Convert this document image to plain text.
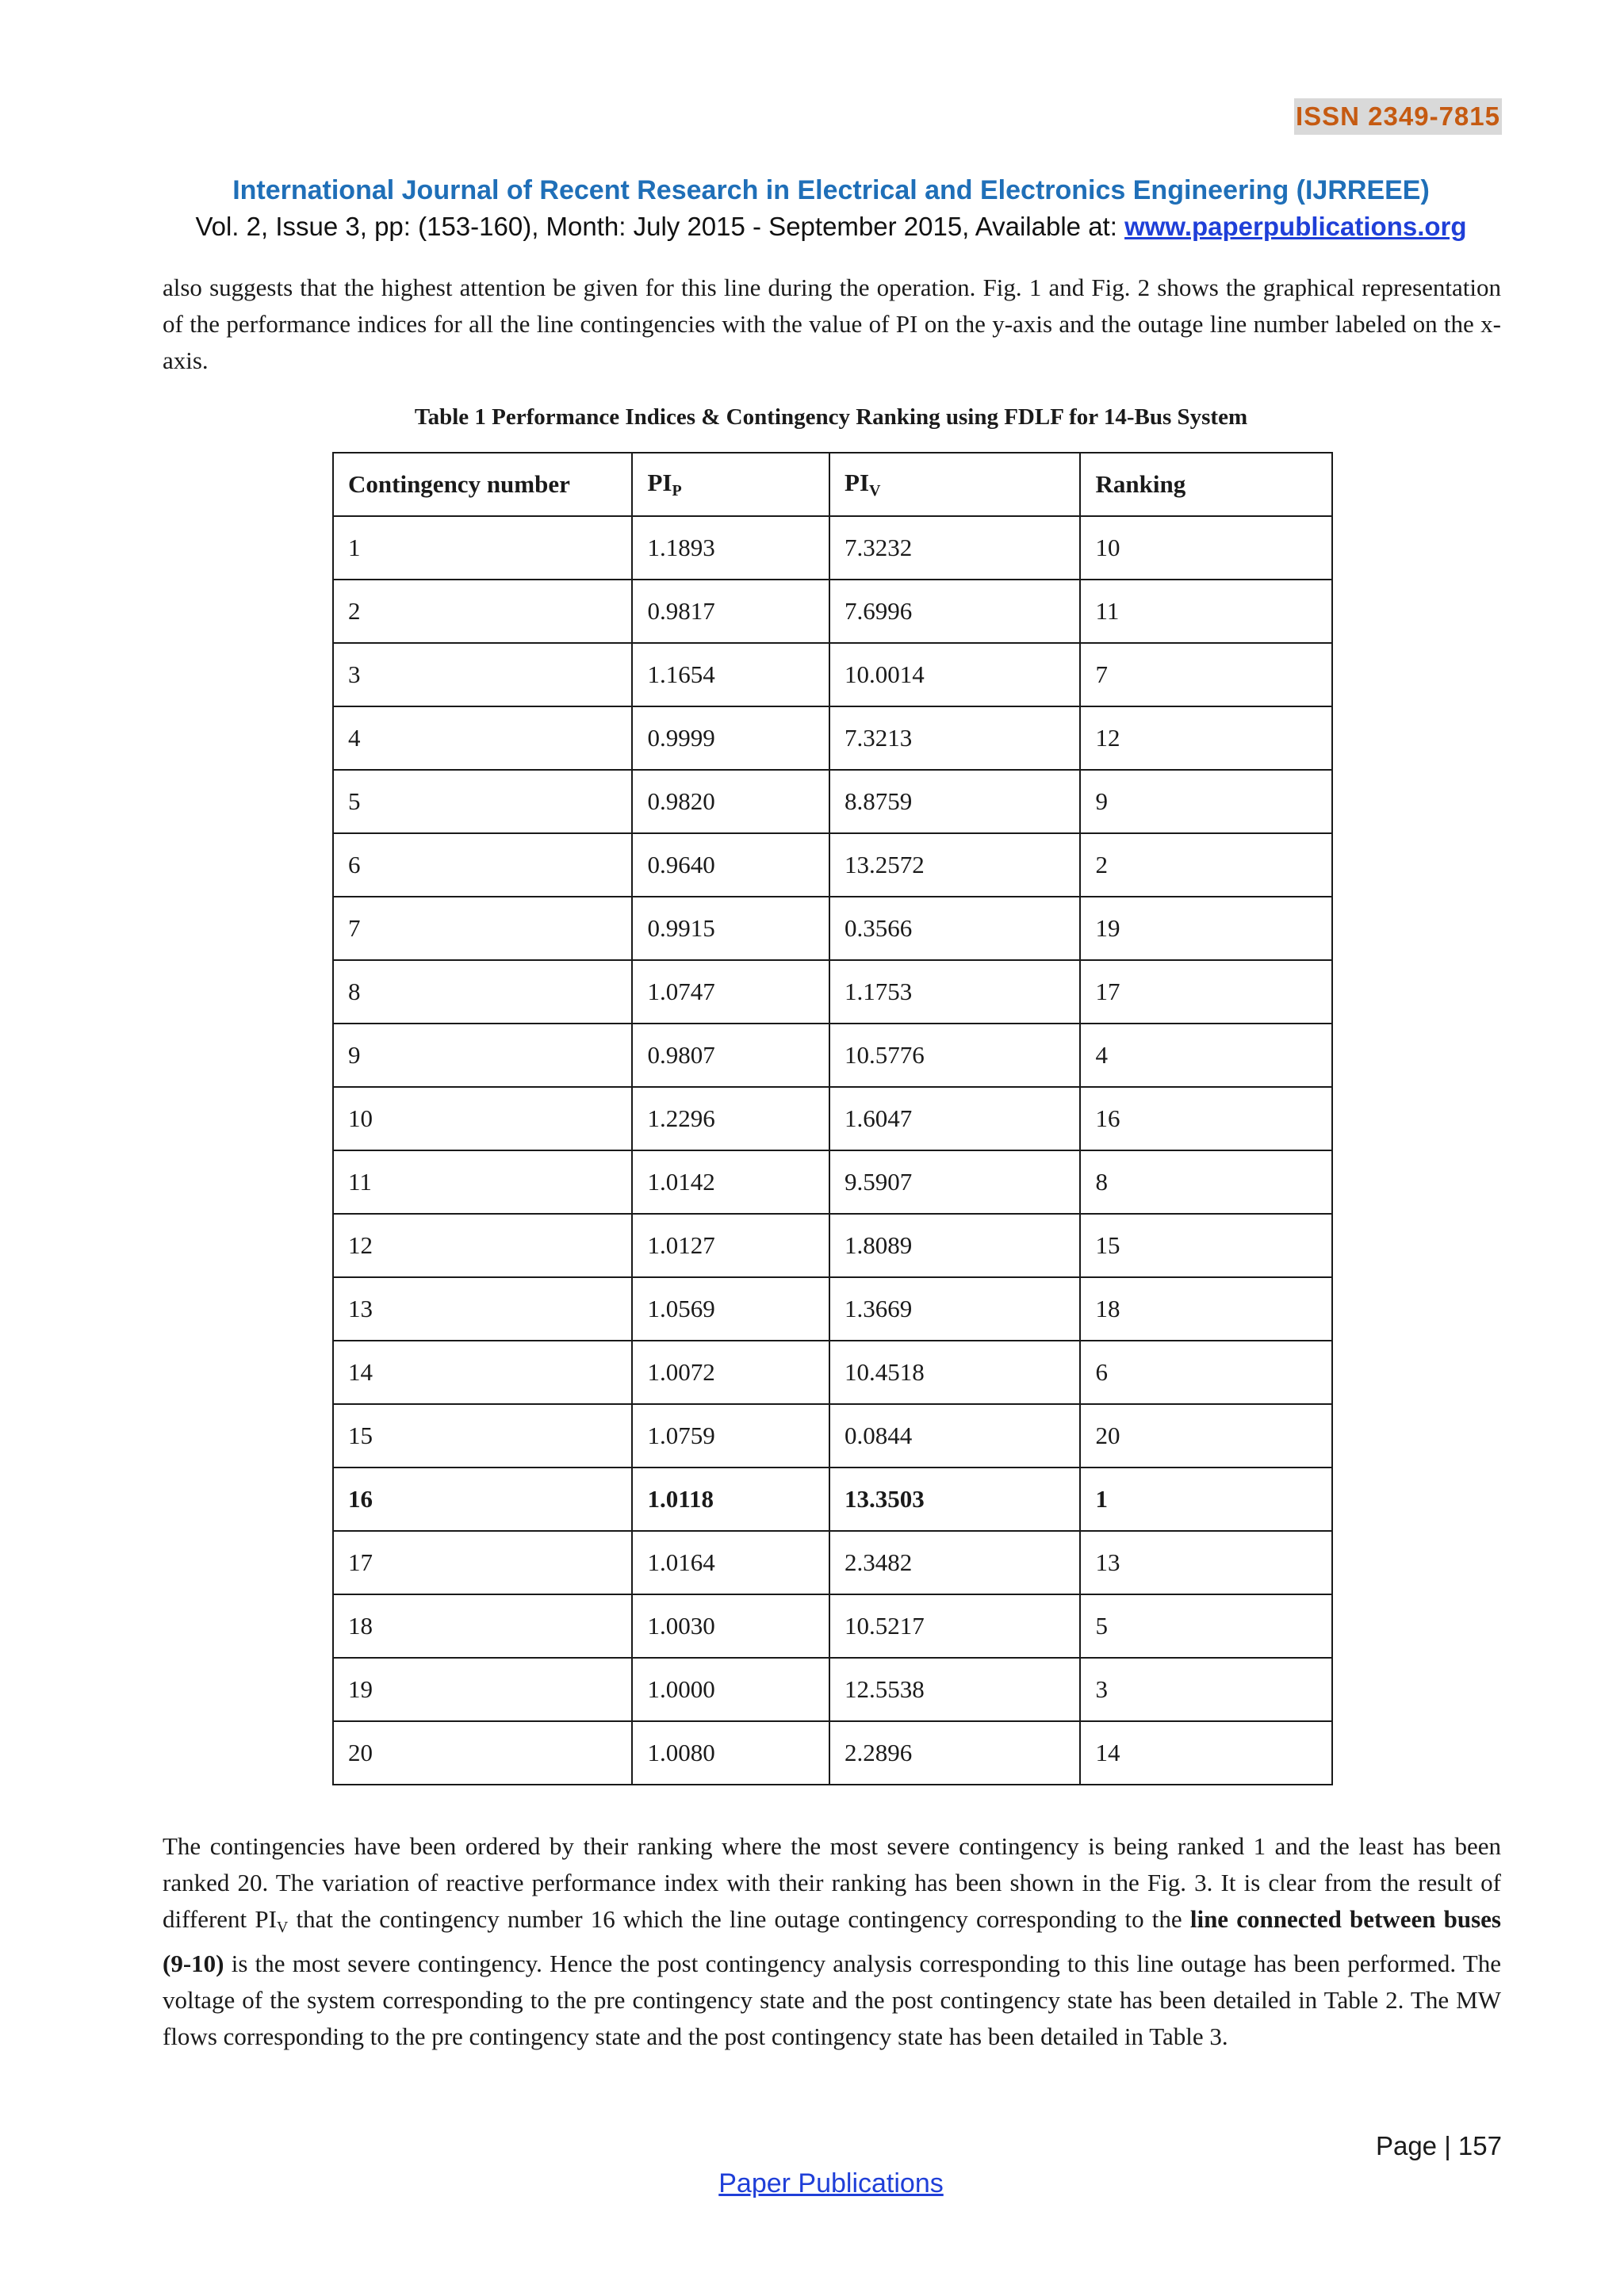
ISSN 2349-7815
International Journal of Recent Research in Electrical and Electronics Engineering (IJRREEE)
Vol. 2, Issue 3, pp: (153-160), Month: July 2015 - September 2015, Available at: www.paperpublications.org

also suggests that the highest attention be given for this line during the operation. Fig. 1 and Fig. 2 shows the graphical representation of the performance indices for all the line contingencies with the value of PI on the y-axis and the outage line number labeled on the x-axis.

Table 1 Performance Indices & Contingency Ranking using FDLF for 14-Bus System
Contingency number	$PI_P$	$PI_V$	Ranking
1	1.1893	7.3232	10
2	0.9817	7.6996	11
3	1.1654	10.0014	7
4	0.9999	7.3213	12
5	0.9820	8.8759	9
6	0.9640	13.2572	2
7	0.9915	0.3566	19
8	1.0747	1.1753	17
9	0.9807	10.5776	4
10	1.2296	1.6047	16
11	1.0142	9.5907	8
12	1.0127	1.8089	15
13	1.0569	1.3669	18
14	1.0072	10.4518	6
15	1.0759	0.0844	20
16	1.0118	13.3503	1
17	1.0164	2.3482	13
18	1.0030	10.5217	5
19	1.0000	12.5538	3
20	1.0080	2.2896	14

The contingencies have been ordered by their ranking where the most severe contingency is being ranked 1 and the least has been ranked 20. The variation of reactive performance index with their ranking has been shown in the Fig. 3. It is clear from the result of different $PI_V$ that the contingency number 16 which the line outage contingency corresponding to the line connected between buses (9-10) is the most severe contingency. Hence the post contingency analysis corresponding to this line outage has been performed. The voltage of the system corresponding to the pre contingency state and the post contingency state has been detailed in Table 2. The MW flows corresponding to the pre contingency state and the post contingency state has been detailed in Table 3.

Page | 157
Paper Publications
